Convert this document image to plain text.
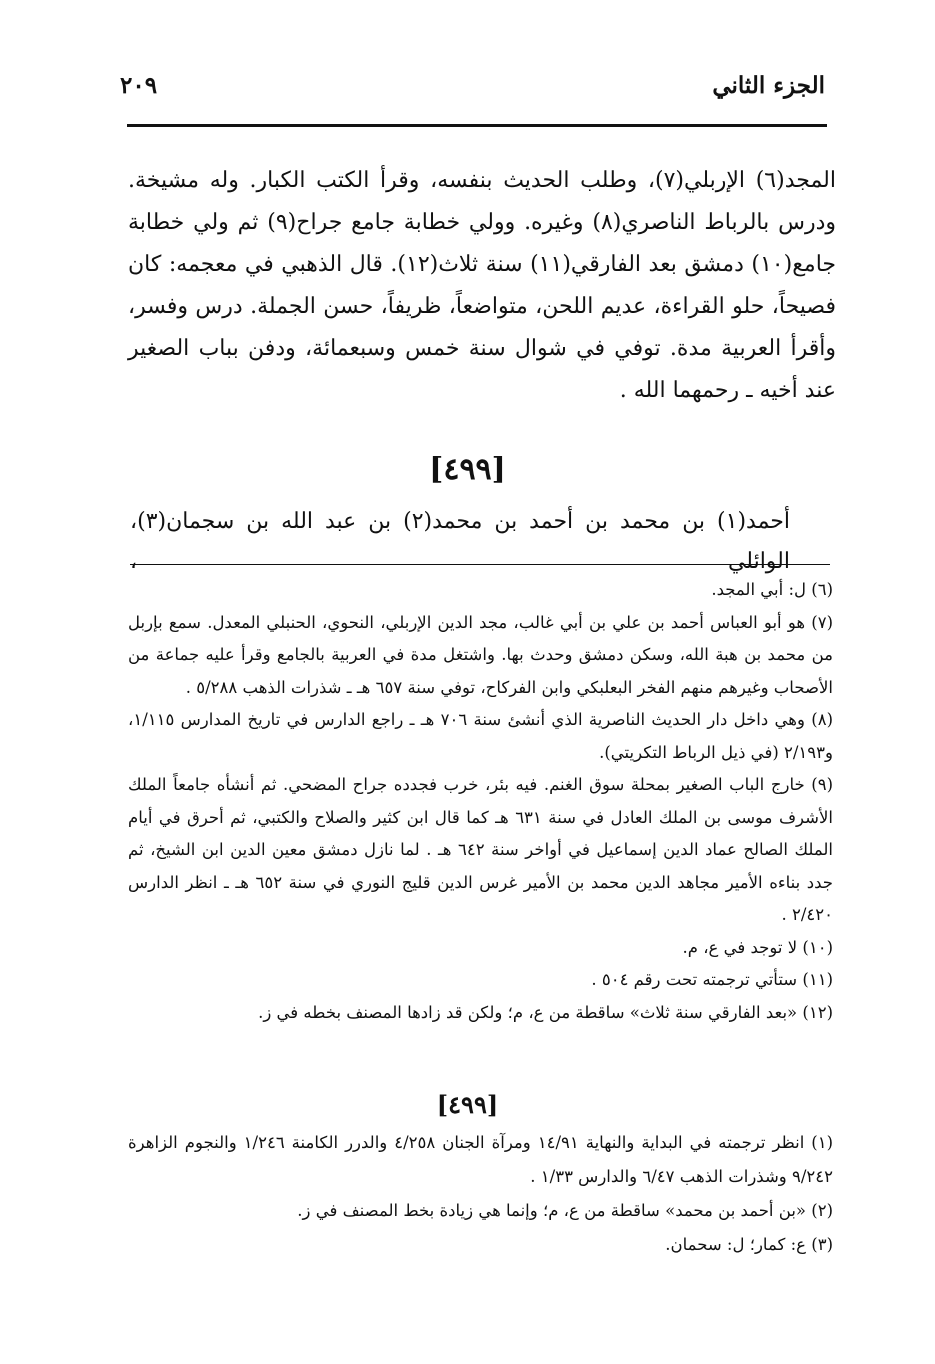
الجزء الثاني
٢٠٩

المجد(٦) الإربلي(٧)، وطلب الحديث بنفسه، وقرأ الكتب الكبار. وله مشيخة. ودرس بالرباط الناصري(٨) وغيره. وولي خطابة جامع جراح(٩) ثم ولي خطابة جامع(١٠) دمشق بعد الفارقي(١١) سنة ثلاث(١٢). قال الذهبي في معجمه: كان فصيحاً، حلو القراءة، عديم اللحن، متواضعاً، ظريفاً، حسن الجملة. درس وفسر، وأقرأ العربية مدة. توفي في شوال سنة خمس وسبعمائة، ودفن بباب الصغير عند أخيه ـ رحمهما الله .

[٤٩٩]
أحمد(١) بن محمد بن أحمد بن محمد(٢) بن عبد الله بن سجمان(٣)، الوائلي ،

(٦) ل: أبي المجد.

(٧) هو أبو العباس أحمد بن علي بن أبي غالب، مجد الدين الإربلي، النحوي، الحنبلي المعدل. سمع بإربل من محمد بن هبة الله، وسكن دمشق وحدث بها. واشتغل مدة في العربية بالجامع وقرأ عليه جماعة من الأصحاب وغيرهم منهم الفخر البعلبكي وابن الفركاح، توفي سنة ٦٥٧ هـ ـ شذرات الذهب ٥/٢٨٨ .

(٨) وهي داخل دار الحديث الناصرية الذي أنشئ سنة ٧٠٦ هـ ـ راجع الدارس في تاريخ المدارس ١/١١٥، و٢/١٩٣ (في ذيل الرباط التكريتي).

(٩) خارج الباب الصغير بمحلة سوق الغنم. فيه بئر، خرب فجدده جراح المضحي. ثم أنشأه جامعاً الملك الأشرف موسى بن الملك العادل في سنة ٦٣١ هـ كما قال ابن كثير والصلاح والكتبي، ثم أحرق في أيام الملك الصالح عماد الدين إسماعيل في أواخر سنة ٦٤٢ هـ . لما نازل دمشق معين الدين ابن الشيخ، ثم جدد بناءه الأمير مجاهد الدين محمد بن الأمير غرس الدين قليج النوري في سنة ٦٥٢ هـ ـ انظر الدارس ٢/٤٢٠ .

(١٠) لا توجد في ع، م.

(١١) ستأتي ترجمته تحت رقم ٥٠٤ .

(١٢) «بعد الفارقي سنة ثلاث» ساقطة من ع، م؛ ولكن قد زادها المصنف بخطه في ز.

[٤٩٩]

(١) انظر ترجمته في البداية والنهاية ١٤/٩١ ومرآة الجنان ٤/٢٥٨ والدرر الكامنة ١/٢٤٦ والنجوم الزاهرة ٩/٢٤٢ وشذرات الذهب ٦/٤٧ والدارس ١/٣٣ .

(٢) «بن أحمد بن محمد» ساقطة من ع، م؛ وإنما هي زيادة بخط المصنف في ز.

(٣) ع: كمار؛ ل: سحمان.
